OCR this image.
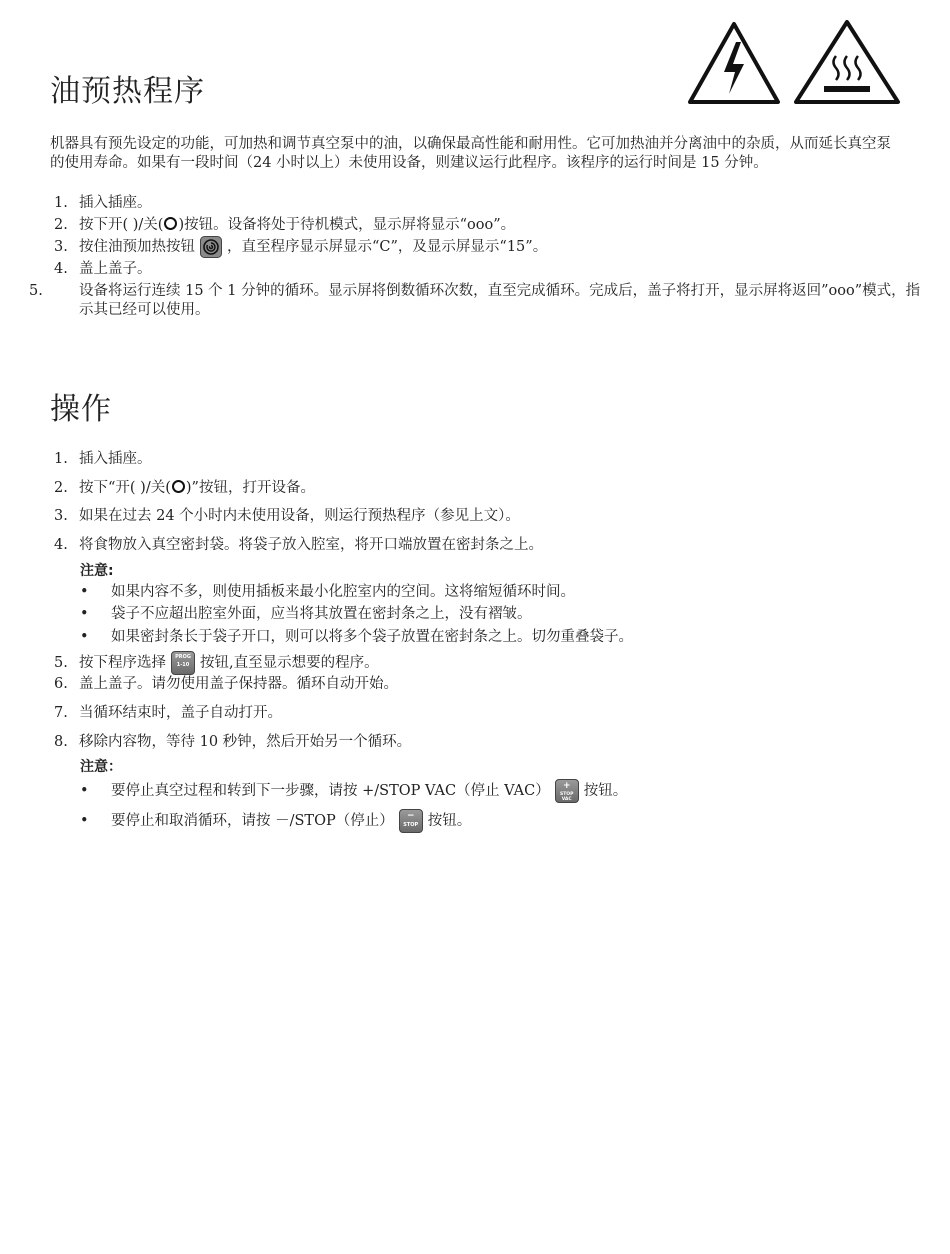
油预热程序
机器具有预先设定的功能，可加热和调节真空泵中的油，以确保最高性能和耐用性。它可加热油并分离油中的杂质，从而延长真空泵的使用寿命。如果有一段时间（24 小时以上）未使用设备，则建议运行此程序。该程序的运行时间是 15 分钟。
1. 插入插座。
2. 按下开( )/关( )按钮。设备将处于待机模式，显示屏将显示“ooo”。
3. 按住油预加热按钮 ，直至程序显示屏显示“C”，及显示屏显示“15”。
4. 盖上盖子。
5. 设备将运行连续 15 个 1 分钟的循环。显示屏将倒数循环次数，直至完成循环。完成后，盖子将打开，显示屏将返回”ooo”模式，指示其已经可以使用。
操作
1. 插入插座。
2. 按下“开( )/关( )”按钮，打开设备。
3. 如果在过去 24 个小时内未使用设备，则运行预热程序（参见上文）。
4. 将食物放入真空密封袋。将袋子放入腔室，将开口端放置在密封条之上。
注意:
• 如果内容不多，则使用插板来最小化腔室内的空间。这将缩短循环时间。
• 袋子不应超出腔室外面，应当将其放置在密封条之上，没有褶皱。
• 如果密封条长于袋子开口，则可以将多个袋子放置在密封条之上。切勿重叠袋子。
5. 按下程序选择	PROG
1-10 按钮,直至显示想要的程序。
6. 盖上盖子。请勿使用盖子保持器。循环自动开始。
7. 当循环结束时，盖子自动打开。
8. 移除内容物，等待 10 秒钟，然后开始另一个循环。
注意：
• 要停止真空过程和转到下一步骤，请按 +/STOP VAC（停止 VAC）	+
STOP VAC 按钮。
• 要停止和取消循环，请按 －/STOP（停止）	−
STOP 按钮。
